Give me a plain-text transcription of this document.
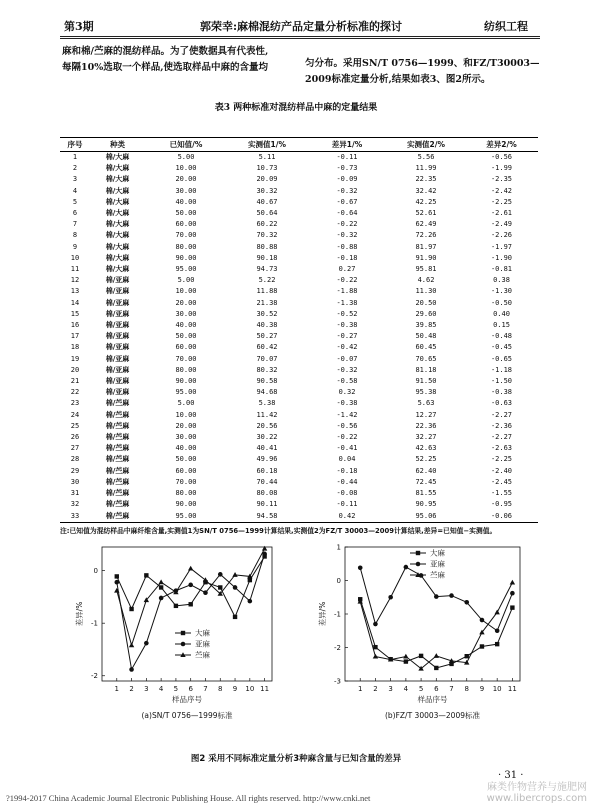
第3期	郭荣幸:麻棉混纺产品定量分析标准的探讨	纺织工程
麻和棉/苎麻的混纺样品。为了使数据具有代表性,
每隔10%选取一个样品,使选取样品中麻的含量均	匀分布。采用SN/T 0756—1999、和FZ/T30003—
2009标准定量分析,结果如表3、图2所示。
表3 两种标准对混纺样品中麻的定量结果
序号	种类	已知值/%	实测值1/%	差异1/%	实测值2/%	差异2/%
1	棉/大麻	5.00	5.11	-0.11	5.56	-0.56
2	棉/大麻	10.00	10.73	-0.73	11.99	-1.99
3	棉/大麻	20.00	20.09	-0.09	22.35	-2.35
4	棉/大麻	30.00	30.32	-0.32	32.42	-2.42
5	棉/大麻	40.00	40.67	-0.67	42.25	-2.25
6	棉/大麻	50.00	50.64	-0.64	52.61	-2.61
7	棉/大麻	60.00	60.22	-0.22	62.49	-2.49
8	棉/大麻	70.00	70.32	-0.32	72.26	-2.26
9	棉/大麻	80.00	80.88	-0.88	81.97	-1.97
10	棉/大麻	90.00	90.18	-0.18	91.90	-1.90
11	棉/大麻	95.00	94.73	0.27	95.81	-0.81
12	棉/亚麻	5.00	5.22	-0.22	4.62	0.38
13	棉/亚麻	10.00	11.88	-1.88	11.30	-1.30
14	棉/亚麻	20.00	21.38	-1.38	20.50	-0.50
15	棉/亚麻	30.00	30.52	-0.52	29.60	0.40
16	棉/亚麻	40.00	40.38	-0.38	39.85	0.15
17	棉/亚麻	50.00	50.27	-0.27	50.48	-0.48
18	棉/亚麻	60.00	60.42	-0.42	60.45	-0.45
19	棉/亚麻	70.00	70.07	-0.07	70.65	-0.65
20	棉/亚麻	80.00	80.32	-0.32	81.18	-1.18
21	棉/亚麻	90.00	90.58	-0.58	91.50	-1.50
22	棉/亚麻	95.00	94.68	0.32	95.38	-0.38
23	棉/苎麻	5.00	5.38	-0.38	5.63	-0.63
24	棉/苎麻	10.00	11.42	-1.42	12.27	-2.27
25	棉/苎麻	20.00	20.56	-0.56	22.36	-2.36
26	棉/苎麻	30.00	30.22	-0.22	32.27	-2.27
27	棉/苎麻	40.00	40.41	-0.41	42.63	-2.63
28	棉/苎麻	50.00	49.96	0.04	52.25	-2.25
29	棉/苎麻	60.00	60.18	-0.18	62.40	-2.40
30	棉/苎麻	70.00	70.44	-0.44	72.45	-2.45
31	棉/苎麻	80.00	80.08	-0.08	81.55	-1.55
32	棉/苎麻	90.00	90.11	-0.11	90.95	-0.95
33	棉/苎麻	95.00	94.58	0.42	95.06	-0.06
注:已知值为混纺样品中麻纤维含量,实测值1为SN/T 0756—1999计算结果,实测值2为FZ/T 30003—2009计算结果,差异=已知值−实测值。
-2
-1
0
1 2 3 4 5 6 7 8 9 10 11
样品序号
差异/%
(a)SN/T 0756—1999标准
大麻
亚麻
苎麻
-3
-2
-1
0
1
1 2 3 4 5 6 7 8 9 10 11
样品序号
差异/%
(b)FZ/T 30003—2009标准
大麻
亚麻
苎麻
图2 采用不同标准定量分析3种麻含量与已知含量的差异
· 31 ·
?1994-2017 China Academic Journal Electronic Publishing House. All rights reserved. http://www.cnki.net
麻类作物营养与施肥网 www.libercrops.com
